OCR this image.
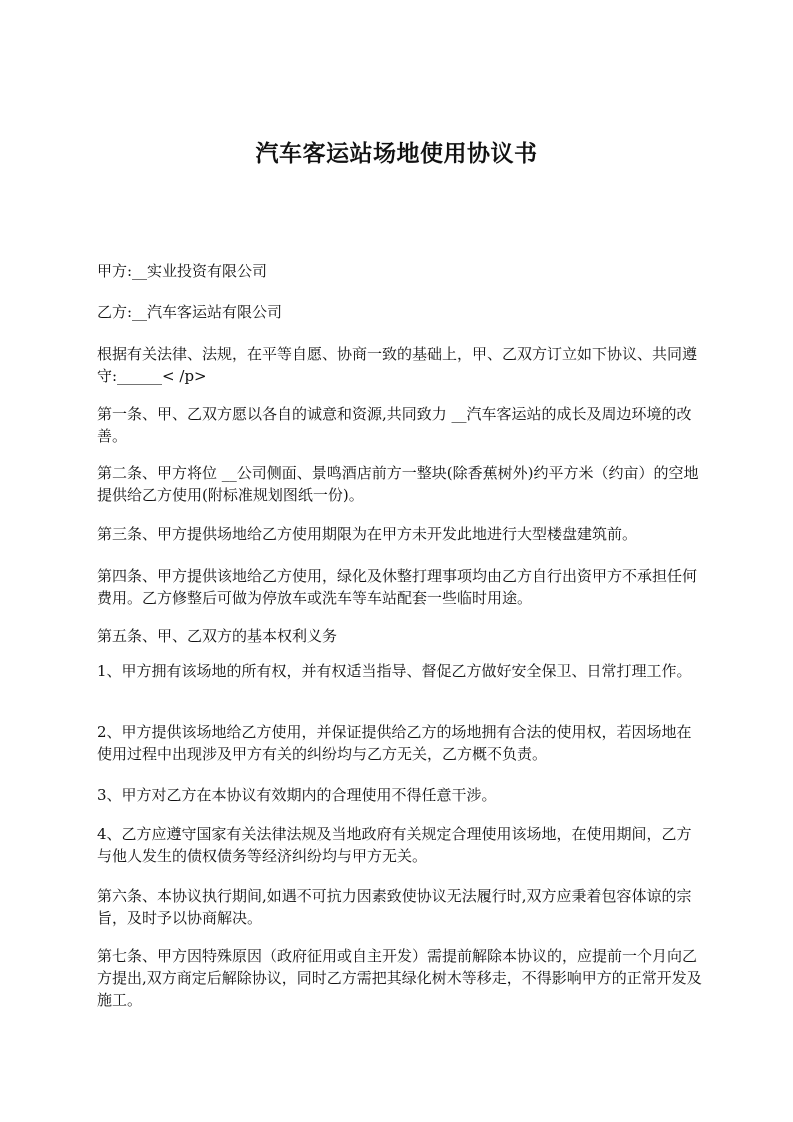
汽车客运站场地使用协议书

甲方:__实业投资有限公司

乙方:__汽车客运站有限公司

根据有关法律、法规，在平等自愿、协商一致的基础上，甲、乙双方订立如下协议、共同遵守:______< /p>

第一条、甲、乙双方愿以各自的诚意和资源,共同致力 __汽车客运站的成长及周边环境的改善。

第二条、甲方将位 __公司侧面、景鸣酒店前方一整块(除香蕉树外)约平方米（约亩）的空地提供给乙方使用(附标准规划图纸一份)。

第三条、甲方提供场地给乙方使用期限为在甲方未开发此地进行大型楼盘建筑前。

第四条、甲方提供该地给乙方使用，绿化及休整打理事项均由乙方自行出资甲方不承担任何费用。乙方修整后可做为停放车或洗车等车站配套一些临时用途。

第五条、甲、乙双方的基本权利义务

1、甲方拥有该场地的所有权，并有权适当指导、督促乙方做好安全保卫、日常打理工作。

2、甲方提供该场地给乙方使用，并保证提供给乙方的场地拥有合法的使用权，若因场地在使用过程中出现涉及甲方有关的纠纷均与乙方无关，乙方概不负责。

3、甲方对乙方在本协议有效期内的合理使用不得任意干涉。

4、乙方应遵守国家有关法律法规及当地政府有关规定合理使用该场地，在使用期间，乙方与他人发生的债权债务等经济纠纷均与甲方无关。

第六条、本协议执行期间,如遇不可抗力因素致使协议无法履行时,双方应秉着包容体谅的宗旨，及时予以协商解决。

第七条、甲方因特殊原因（政府征用或自主开发）需提前解除本协议的，应提前一个月向乙方提出,双方商定后解除协议，同时乙方需把其绿化树木等移走，不得影响甲方的正常开发及施工。
